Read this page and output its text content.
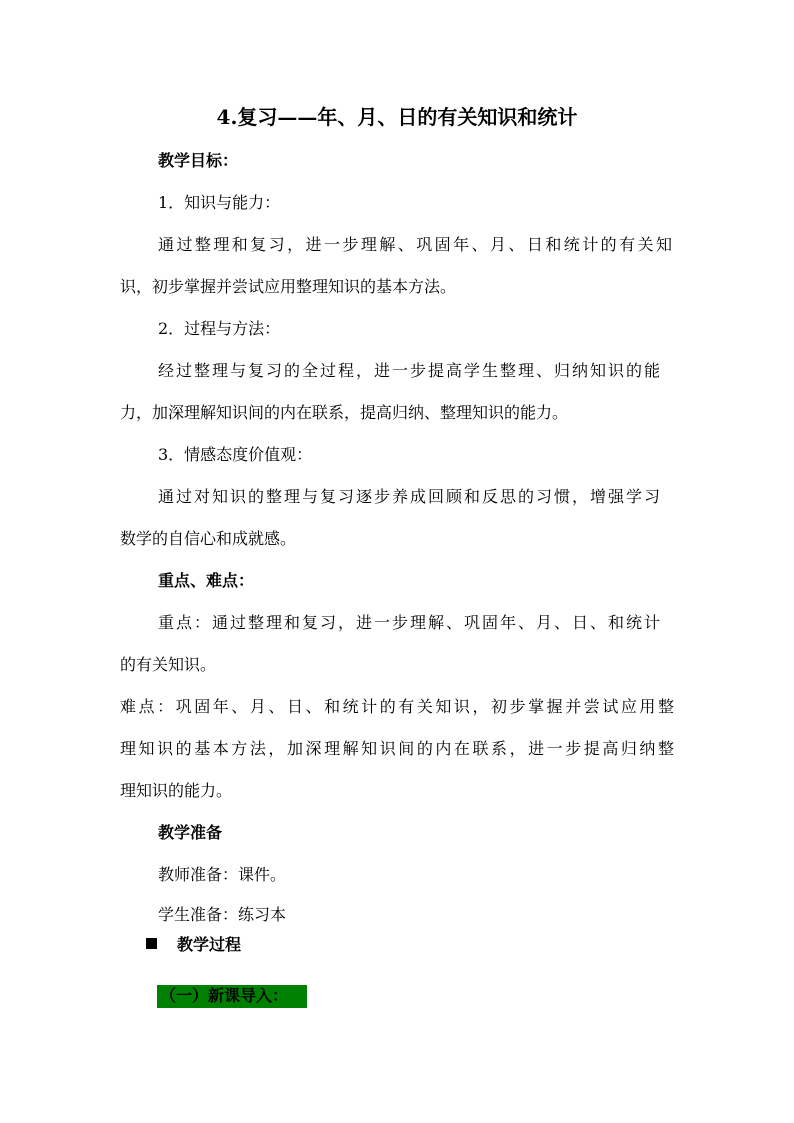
4.复习——年、月、日的有关知识和统计
教学目标：
1．知识与能力：
通过整理和复习，进一步理解、巩固年、月、日和统计的有关知
识，初步掌握并尝试应用整理知识的基本方法。
2．过程与方法：
经过整理与复习的全过程，进一步提高学生整理、归纳知识的能
力，加深理解知识间的内在联系，提高归纳、整理知识的能力。
3．情感态度价值观：
通过对知识的整理与复习逐步养成回顾和反思的习惯，增强学习
数学的自信心和成就感。
重点、难点：
重点：通过整理和复习，进一步理解、巩固年、月、日、和统计
的有关知识。
难点：巩固年、月、日、和统计的有关知识，初步掌握并尝试应用整
理知识的基本方法，加深理解知识间的内在联系，进一步提高归纳整
理知识的能力。
教学准备
教师准备：课件。
学生准备：练习本
教学过程
（一）新课导入：
